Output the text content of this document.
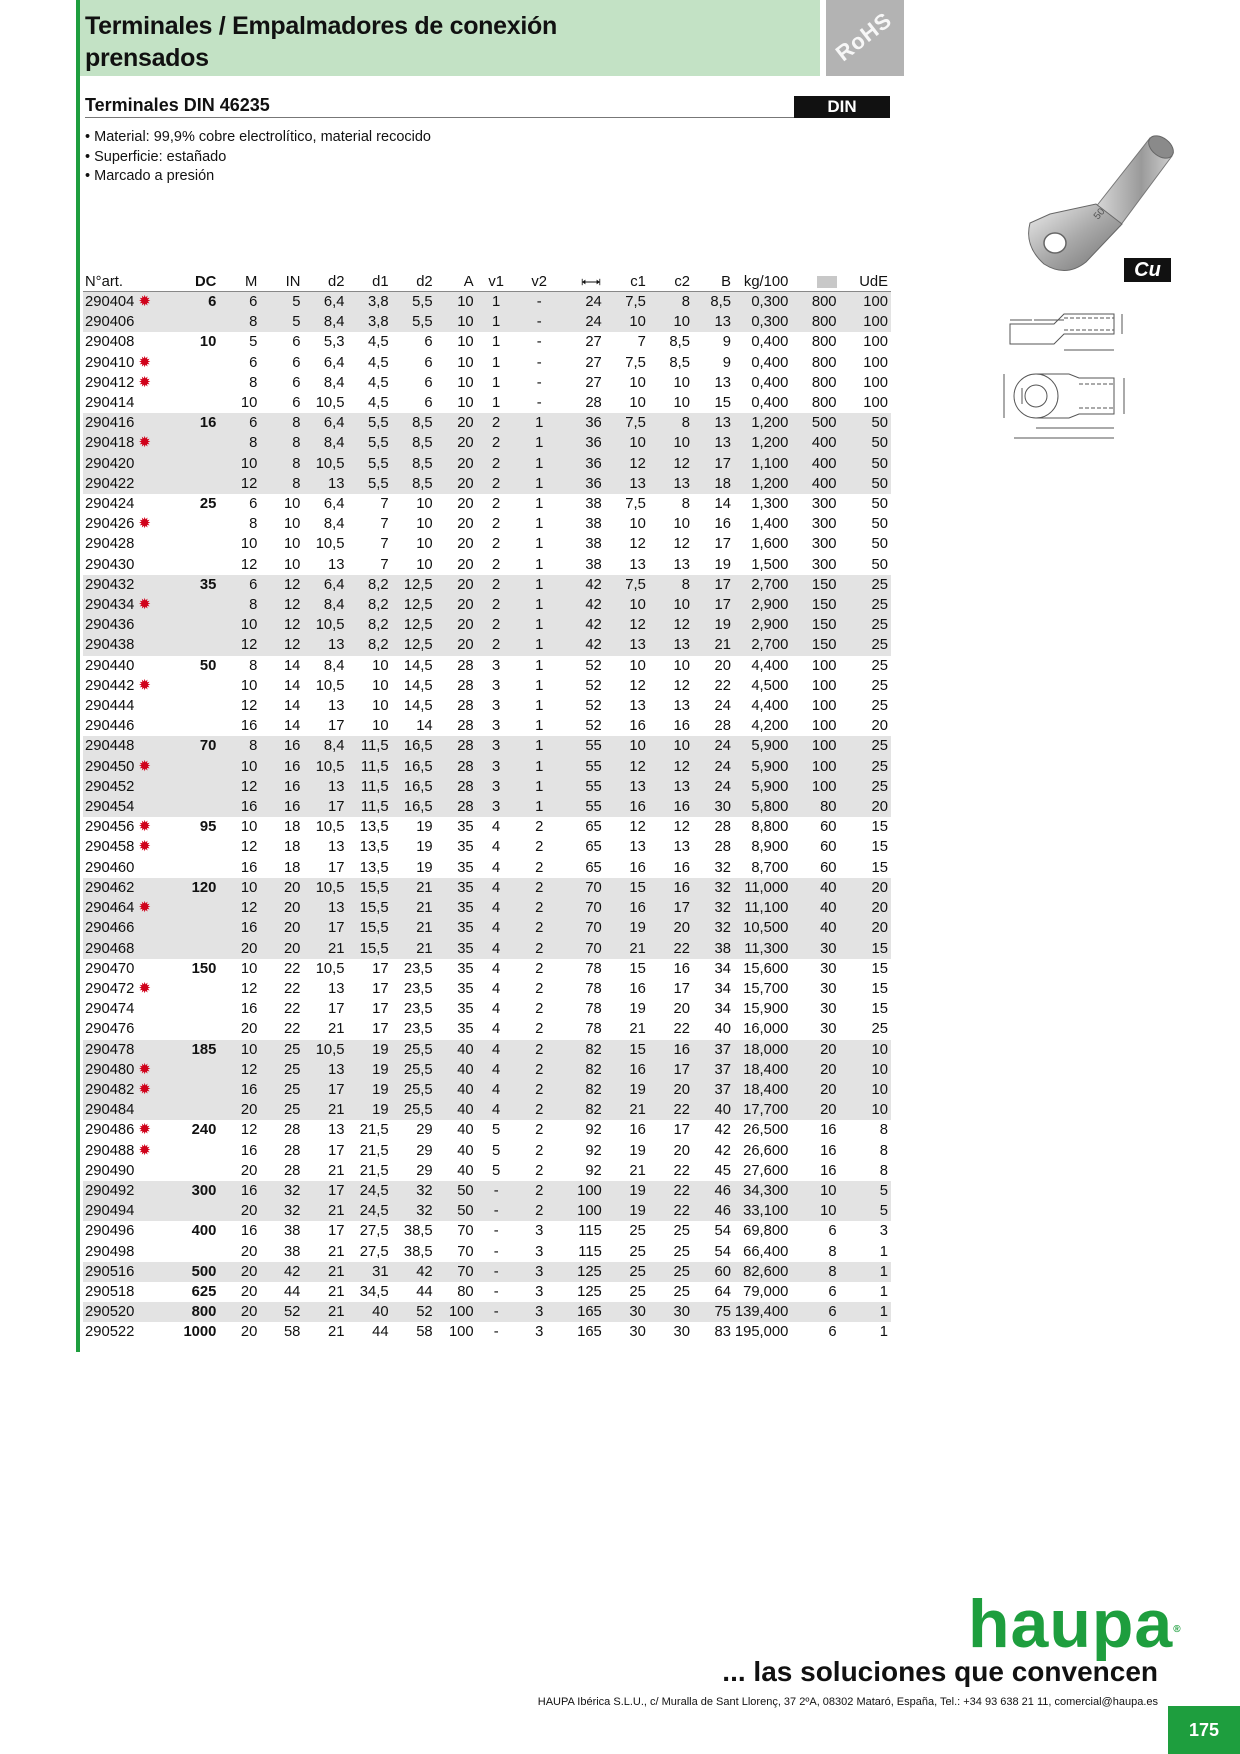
Terminales / Empalmadores de conexión
prensados	RoHS
Terminales DIN 46235	DIN
• Material: 99,9% cobre electrolítico, material recocido
• Superficie: estañado
• Marcado a presión
50
Cu
N°art.	DC	M	IN	d2	d1	d2	A	v1	v2		c1	c2	B	kg/100		UdE
290404 ✹	6	6	5	6,4	3,8	5,5	10	1	-	24	7,5	8	8,5	0,300	800	100
290406		8	5	8,4	3,8	5,5	10	1	-	24	10	10	13	0,300	800	100
290408	10	5	6	5,3	4,5	6	10	1	-	27	7	8,5	9	0,400	800	100
290410 ✹		6	6	6,4	4,5	6	10	1	-	27	7,5	8,5	9	0,400	800	100
290412 ✹		8	6	8,4	4,5	6	10	1	-	27	10	10	13	0,400	800	100
290414		10	6	10,5	4,5	6	10	1	-	28	10	10	15	0,400	800	100
290416	16	6	8	6,4	5,5	8,5	20	2	1	36	7,5	8	13	1,200	500	50
290418 ✹		8	8	8,4	5,5	8,5	20	2	1	36	10	10	13	1,200	400	50
290420		10	8	10,5	5,5	8,5	20	2	1	36	12	12	17	1,100	400	50
290422		12	8	13	5,5	8,5	20	2	1	36	13	13	18	1,200	400	50
290424	25	6	10	6,4	7	10	20	2	1	38	7,5	8	14	1,300	300	50
290426 ✹		8	10	8,4	7	10	20	2	1	38	10	10	16	1,400	300	50
290428		10	10	10,5	7	10	20	2	1	38	12	12	17	1,600	300	50
290430		12	10	13	7	10	20	2	1	38	13	13	19	1,500	300	50
290432	35	6	12	6,4	8,2	12,5	20	2	1	42	7,5	8	17	2,700	150	25
290434 ✹		8	12	8,4	8,2	12,5	20	2	1	42	10	10	17	2,900	150	25
290436		10	12	10,5	8,2	12,5	20	2	1	42	12	12	19	2,900	150	25
290438		12	12	13	8,2	12,5	20	2	1	42	13	13	21	2,700	150	25
290440	50	8	14	8,4	10	14,5	28	3	1	52	10	10	20	4,400	100	25
290442 ✹		10	14	10,5	10	14,5	28	3	1	52	12	12	22	4,500	100	25
290444		12	14	13	10	14,5	28	3	1	52	13	13	24	4,400	100	25
290446		16	14	17	10	14	28	3	1	52	16	16	28	4,200	100	20
290448	70	8	16	8,4	11,5	16,5	28	3	1	55	10	10	24	5,900	100	25
290450 ✹		10	16	10,5	11,5	16,5	28	3	1	55	12	12	24	5,900	100	25
290452		12	16	13	11,5	16,5	28	3	1	55	13	13	24	5,900	100	25
290454		16	16	17	11,5	16,5	28	3	1	55	16	16	30	5,800	80	20
290456 ✹	95	10	18	10,5	13,5	19	35	4	2	65	12	12	28	8,800	60	15
290458 ✹		12	18	13	13,5	19	35	4	2	65	13	13	28	8,900	60	15
290460		16	18	17	13,5	19	35	4	2	65	16	16	32	8,700	60	15
290462	120	10	20	10,5	15,5	21	35	4	2	70	15	16	32	11,000	40	20
290464 ✹		12	20	13	15,5	21	35	4	2	70	16	17	32	11,100	40	20
290466		16	20	17	15,5	21	35	4	2	70	19	20	32	10,500	40	20
290468		20	20	21	15,5	21	35	4	2	70	21	22	38	11,300	30	15
290470	150	10	22	10,5	17	23,5	35	4	2	78	15	16	34	15,600	30	15
290472 ✹		12	22	13	17	23,5	35	4	2	78	16	17	34	15,700	30	15
290474		16	22	17	17	23,5	35	4	2	78	19	20	34	15,900	30	15
290476		20	22	21	17	23,5	35	4	2	78	21	22	40	16,000	30	25
290478	185	10	25	10,5	19	25,5	40	4	2	82	15	16	37	18,000	20	10
290480 ✹		12	25	13	19	25,5	40	4	2	82	16	17	37	18,400	20	10
290482 ✹		16	25	17	19	25,5	40	4	2	82	19	20	37	18,400	20	10
290484		20	25	21	19	25,5	40	4	2	82	21	22	40	17,700	20	10
290486 ✹	240	12	28	13	21,5	29	40	5	2	92	16	17	42	26,500	16	8
290488 ✹		16	28	17	21,5	29	40	5	2	92	19	20	42	26,600	16	8
290490		20	28	21	21,5	29	40	5	2	92	21	22	45	27,600	16	8
290492	300	16	32	17	24,5	32	50	-	2	100	19	22	46	34,300	10	5
290494		20	32	21	24,5	32	50	-	2	100	19	22	46	33,100	10	5
290496	400	16	38	17	27,5	38,5	70	-	3	115	25	25	54	69,800	6	3
290498		20	38	21	27,5	38,5	70	-	3	115	25	25	54	66,400	8	1
290516	500	20	42	21	31	42	70	-	3	125	25	25	60	82,600	8	1
290518	625	20	44	21	34,5	44	80	-	3	125	25	25	64	79,000	6	1
290520	800	20	52	21	40	52	100	-	3	165	30	30	75	139,400	6	1
290522	1000	20	58	21	44	58	100	-	3	165	30	30	83	195,000	6	1
haupa®
... las soluciones que convencen
HAUPA Ibérica S.L.U., c/ Muralla de Sant Llorenç, 37 2ºA, 08302 Mataró, España, Tel.: +34 93 638 21 11, comercial@haupa.es
175
